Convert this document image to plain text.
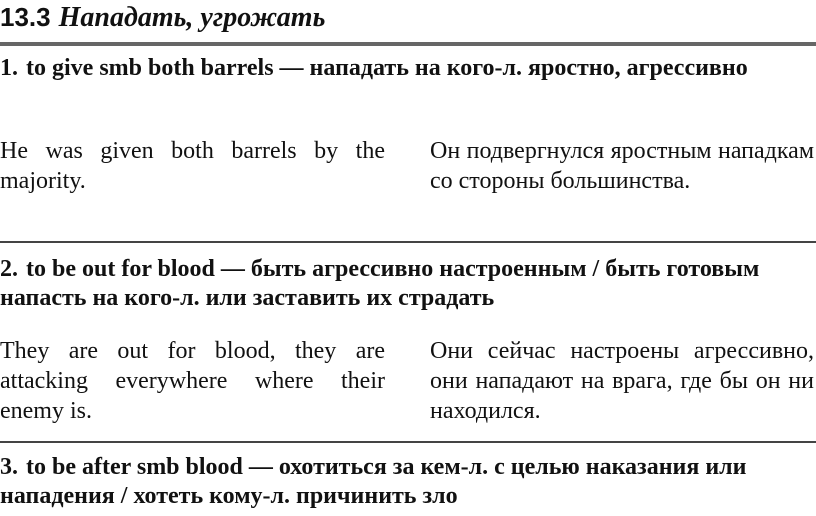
13.3 Нападать, угрожать
1. to give smb both barrels — нападать на кого-л. яростно, агрессивно
He was given both barrels by the majority.
Он подвергнулся яростным нападкам со стороны большинства.
2. to be out for blood — быть агрессивно настроенным / быть готовым напасть на кого-л. или заставить их страдать
They are out for blood, they are attacking everywhere where their enemy is.
Они сейчас настроены агрессивно, они нападают на врага, где бы он ни находился.
3. to be after smb blood — охотиться за кем-л. с целью наказания или нападения / хотеть кому-л. причинить зло
